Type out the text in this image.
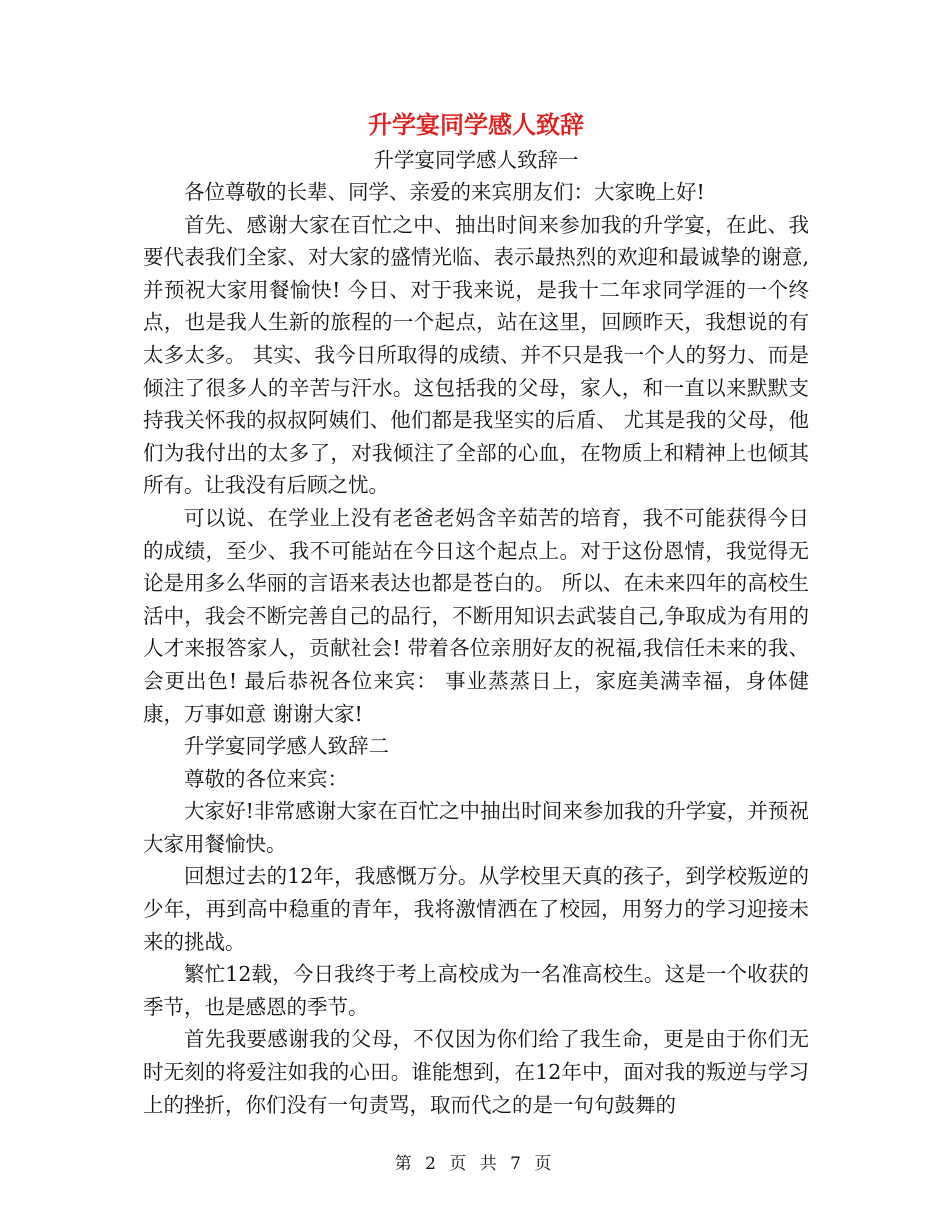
升学宴同学感人致辞

升学宴同学感人致辞一

各位尊敬的长辈、同学、亲爱的来宾朋友们：大家晚上好!

首先、感谢大家在百忙之中、抽出时间来参加我的升学宴，在此、我要代表我们全家、对大家的盛情光临、表示最热烈的欢迎和最诚挚的谢意,并预祝大家用餐愉快! 今日、对于我来说，是我十二年求同学涯的一个终点，也是我人生新的旅程的一个起点，站在这里，回顾昨天，我想说的有太多太多。 其实、我今日所取得的成绩、并不只是我一个人的努力、而是倾注了很多人的辛苦与汗水。这包括我的父母，家人，和一直以来默默支持我关怀我的叔叔阿姨们、他们都是我坚实的后盾、 尤其是我的父母，他们为我付出的太多了，对我倾注了全部的心血，在物质上和精神上也倾其所有。让我没有后顾之忧。

可以说、在学业上没有老爸老妈含辛茹苦的培育，我不可能获得今日的成绩，至少、我不可能站在今日这个起点上。对于这份恩情，我觉得无论是用多么华丽的言语来表达也都是苍白的。 所以、在未来四年的高校生活中，我会不断完善自己的品行，不断用知识去武装自己,争取成为有用的人才来报答家人，贡献社会! 带着各位亲朋好友的祝福,我信任未来的我、会更出色! 最后恭祝各位来宾： 事业蒸蒸日上，家庭美满幸福，身体健康，万事如意 谢谢大家!

升学宴同学感人致辞二

尊敬的各位来宾：

大家好!非常感谢大家在百忙之中抽出时间来参加我的升学宴，并预祝大家用餐愉快。

回想过去的12年，我感慨万分。从学校里天真的孩子，到学校叛逆的少年，再到高中稳重的青年，我将激情洒在了校园，用努力的学习迎接未来的挑战。

繁忙12载，今日我终于考上高校成为一名准高校生。这是一个收获的季节，也是感恩的季节。

首先我要感谢我的父母，不仅因为你们给了我生命，更是由于你们无时无刻的将爱注如我的心田。谁能想到，在12年中，面对我的叛逆与学习上的挫折，你们没有一句责骂，取而代之的是一句句鼓舞的

第 2 页 共 7 页
